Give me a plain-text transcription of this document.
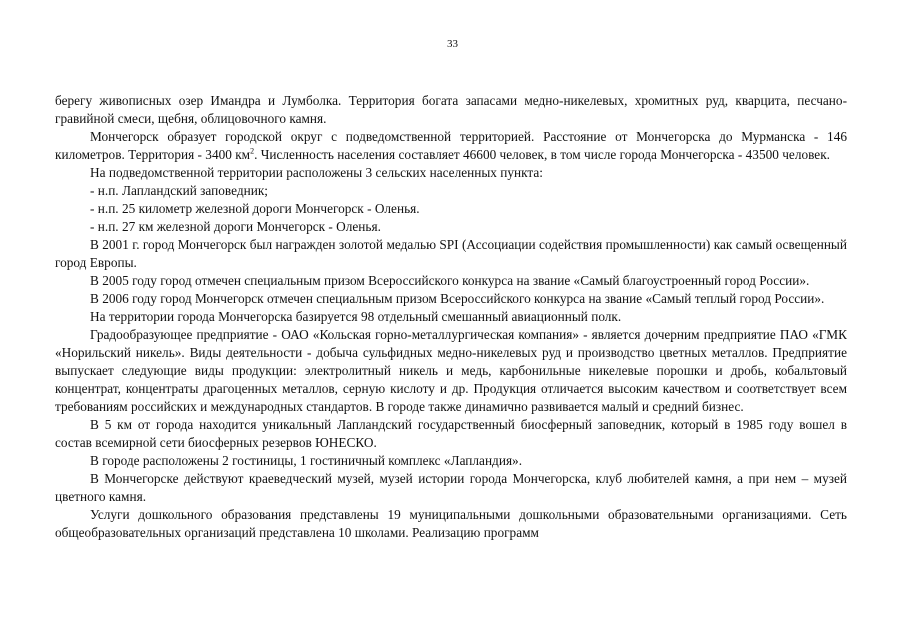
33

берегу живописных озер Имандра и Лумболка. Территория богата запасами медно-никелевых, хромитных руд, кварцита, песчано-гравийной смеси, щебня, облицовочного камня.

Мончегорск образует городской округ с подведомственной территорией. Расстояние от Мончегорска до Мурманска - 146 километров. Территория - 3400 $км^2$. Численность населения составляет 46600 человек, в том числе города Мончегорска - 43500 человек.

На подведомственной территории расположены 3 сельских населенных пункта:

- н.п. Лапландский заповедник;

- н.п. 25 километр железной дороги Мончегорск - Оленья.

- н.п. 27 км железной дороги Мончегорск - Оленья.

В 2001 г. город Мончегорск был награжден золотой медалью SPI (Ассоциации содействия промышленности) как самый освещенный город Европы.

В 2005 году город отмечен специальным призом Всероссийского конкурса на звание «Самый благоустроенный город России».

В 2006 году город Мончегорск отмечен специальным призом Всероссийского конкурса на звание «Самый теплый город России».

На территории города Мончегорска базируется 98 отдельный смешанный авиационный полк.

Градообразующее предприятие - ОАО «Кольская горно-металлургическая компания» - является дочерним предприятие ПАО «ГМК «Норильский никель». Виды деятельности - добыча сульфидных медно-никелевых руд и производство цветных металлов. Предприятие выпускает следующие виды продукции: электролитный никель и медь, карбонильные никелевые порошки и дробь, кобальтовый концентрат, концентраты драгоценных металлов, серную кислоту и др. Продукция отличается высоким качеством и соответствует всем требованиям российских и международных стандартов. В городе также динамично развивается малый и средний бизнес.

В 5 км от города находится уникальный Лапландский государственный биосферный заповедник, который в 1985 году вошел в состав всемирной сети биосферных резервов ЮНЕСКО.

В городе расположены 2 гостиницы, 1 гостиничный комплекс «Лапландия».

В Мончегорске действуют краеведческий музей, музей истории города Мончегорска, клуб любителей камня, а при нем – музей цветного камня.

Услуги дошкольного образования представлены 19 муниципальными дошкольными образовательными организациями. Сеть общеобразовательных организаций представлена 10 школами. Реализацию программ
